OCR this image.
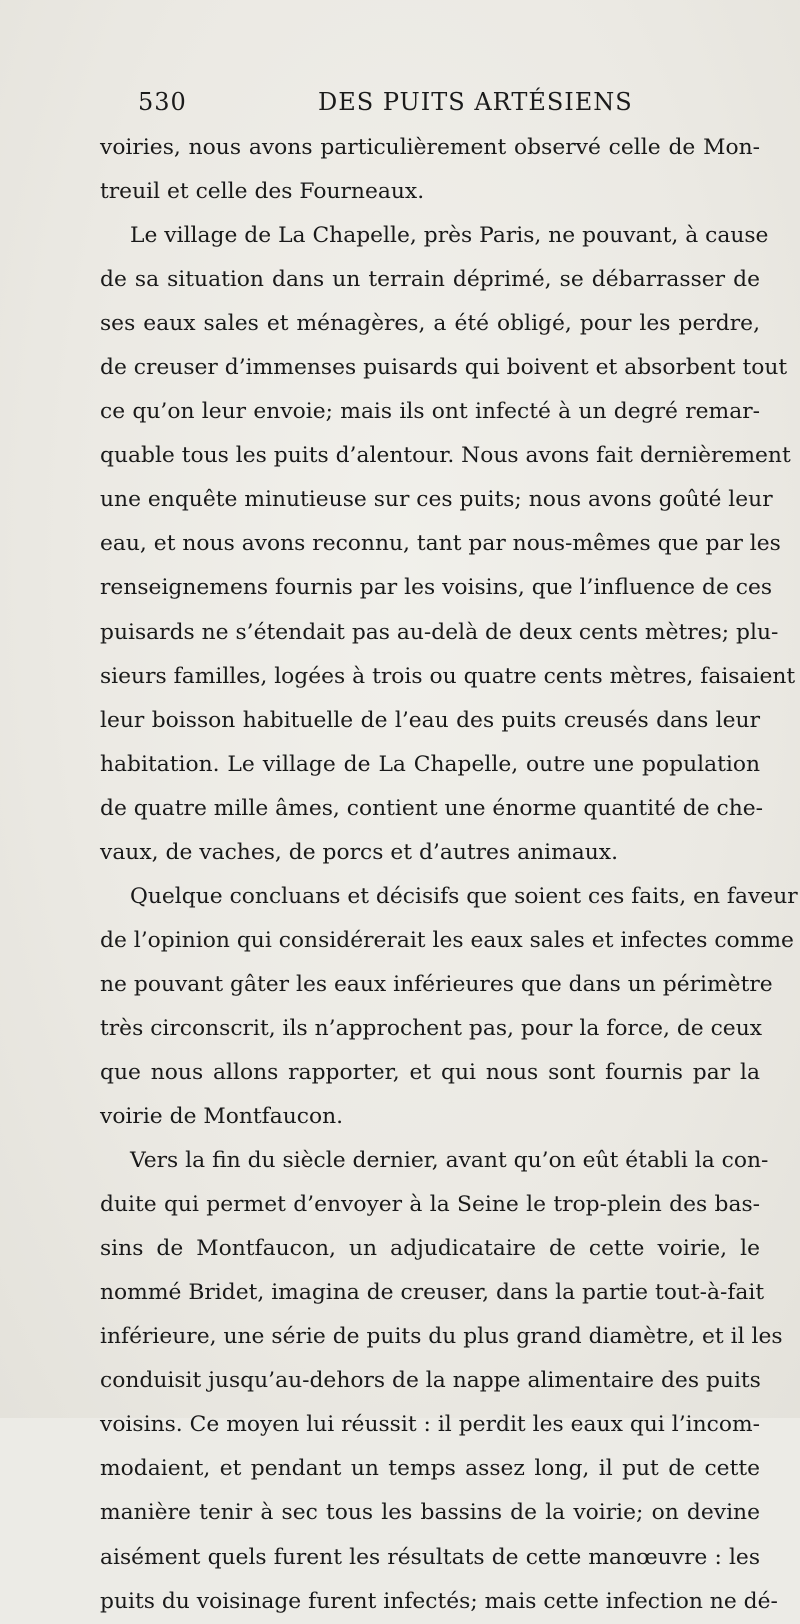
530	DES PUITS ARTÉSIENS
voiries, nous avons particulièrement observé celle de Mon-
treuil et celle des Fourneaux.
Le village de La Chapelle, près Paris, ne pouvant, à cause
de sa situation dans un terrain déprimé, se débarrasser de
ses eaux sales et ménagères, a été obligé, pour les perdre,
de creuser d’immenses puisards qui boivent et absorbent tout
ce qu’on leur envoie; mais ils ont infecté à un degré remar-
quable tous les puits d’alentour. Nous avons fait dernièrement
une enquête minutieuse sur ces puits; nous avons goûté leur
eau, et nous avons reconnu, tant par nous-mêmes que par les
renseignemens fournis par les voisins, que l’influence de ces
puisards ne s’étendait pas au-delà de deux cents mètres; plu-
sieurs familles, logées à trois ou quatre cents mètres, faisaient
leur boisson habituelle de l’eau des puits creusés dans leur
habitation. Le village de La Chapelle, outre une population
de quatre mille âmes, contient une énorme quantité de che-
vaux, de vaches, de porcs et d’autres animaux.
Quelque concluans et décisifs que soient ces faits, en faveur
de l’opinion qui considérerait les eaux sales et infectes comme
ne pouvant gâter les eaux inférieures que dans un périmètre
très circonscrit, ils n’approchent pas, pour la force, de ceux
que nous allons rapporter, et qui nous sont fournis par la
voirie de Montfaucon.
Vers la fin du siècle dernier, avant qu’on eût établi la con-
duite qui permet d’envoyer à la Seine le trop-plein des bas-
sins de Montfaucon, un adjudicataire de cette voirie, le
nommé Bridet, imagina de creuser, dans la partie tout-à-fait
inférieure, une série de puits du plus grand diamètre, et il les
conduisit jusqu’au-dehors de la nappe alimentaire des puits
voisins. Ce moyen lui réussit : il perdit les eaux qui l’incom-
modaient, et pendant un temps assez long, il put de cette
manière tenir à sec tous les bassins de la voirie; on devine
aisément quels furent les résultats de cette manœuvre : les
puits du voisinage furent infectés; mais cette infection ne dé-
